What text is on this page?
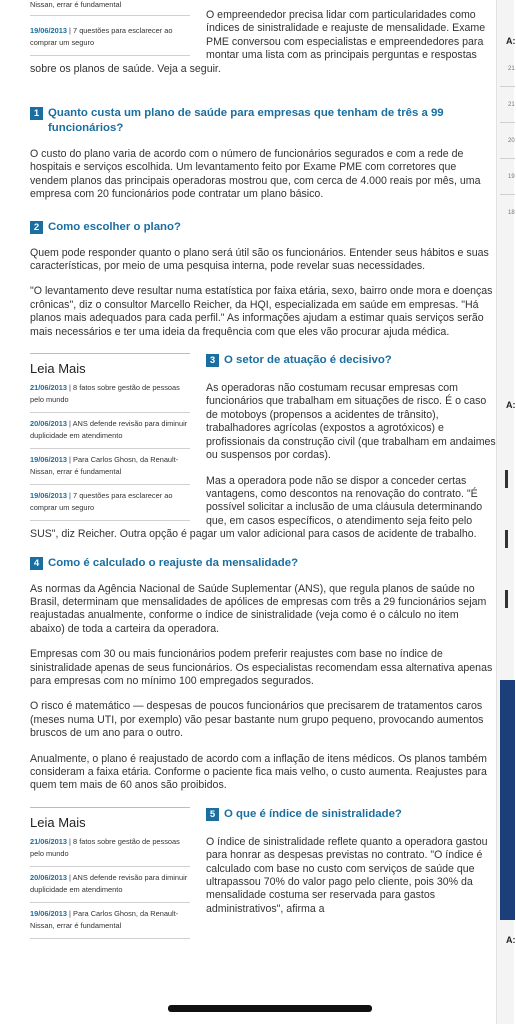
Nissan, errar é fundamental
19/06/2013 | 7 questões para esclarecer ao comprar um seguro

O empreendedor precisa lidar com particularidades como índices de sinistralidade e reajuste de mensalidade. Exame PME conversou com especialistas e empreendedores para montar uma lista com as principais perguntas e respostas sobre os planos de saúde. Veja a seguir.

1 Quanto custa um plano de saúde para empresas que tenham de três a 99 funcionários?

O custo do plano varia de acordo com o número de funcionários segurados e com a rede de hospitais e serviços escolhida. Um levantamento feito por Exame PME com corretores que vendem planos das principais operadoras mostrou que, com cerca de 4.000 reais por mês, uma empresa com 20 funcionários pode contratar um plano básico.

2 Como escolher o plano?

Quem pode responder quanto o plano será útil são os funcionários. Entender seus hábitos e suas características, por meio de uma pesquisa interna, pode revelar suas necessidades.

"O levantamento deve resultar numa estatística por faixa etária, sexo, bairro onde mora e doenças crônicas", diz o consultor Marcello Reicher, da HQI, especializada em saúde em empresas. "Há planos mais adequados para cada perfil." As informações ajudam a estimar quais serviços serão mais necessários e ter uma ideia da frequência com que eles vão procurar ajuda médica.

Leia Mais
21/06/2013 | 8 fatos sobre gestão de pessoas pelo mundo
20/06/2013 | ANS defende revisão para diminuir duplicidade em atendimento
19/06/2013 | Para Carlos Ghosn, da Renault-Nissan, errar é fundamental
19/06/2013 | 7 questões para esclarecer ao comprar um seguro
3 O setor de atuação é decisivo?

As operadoras não costumam recusar empresas com funcionários que trabalham em situações de risco. É o caso de motoboys (propensos a acidentes de trânsito), trabalhadores agrícolas (expostos a agrotóxicos) e profissionais da construção civil (que trabalham em andaimes ou suspensos por cordas).

Mas a operadora pode não se dispor a conceder certas vantagens, como descontos na renovação do contrato. "É possível solicitar a inclusão de uma cláusula determinando que, em casos específicos, o atendimento seja feito pelo SUS", diz Reicher. Outra opção é pagar um valor adicional para casos de acidente de trabalho.

4 Como é calculado o reajuste da mensalidade?

As normas da Agência Nacional de Saúde Suplementar (ANS), que regula planos de saúde no Brasil, determinam que mensalidades de apólices de empresas com três a 29 funcionários sejam reajustadas anualmente, conforme o índice de sinistralidade (veja como é o cálculo no item abaixo) de toda a carteira da operadora.

Empresas com 30 ou mais funcionários podem preferir reajustes com base no índice de sinistralidade apenas de seus funcionários. Os especialistas recomendam essa alternativa apenas para empresas com no mínimo 100 empregados segurados.

O risco é matemático — despesas de poucos funcionários que precisarem de tratamentos caros (meses numa UTI, por exemplo) vão pesar bastante num grupo pequeno, provocando aumentos bruscos de um ano para o outro.

Anualmente, o plano é reajustado de acordo com a inflação de itens médicos. Os planos também consideram a faixa etária. Conforme o paciente fica mais velho, o custo aumenta. Reajustes para quem tem mais de 60 anos são proibidos.

Leia Mais
21/06/2013 | 8 fatos sobre gestão de pessoas pelo mundo
20/06/2013 | ANS defende revisão para diminuir duplicidade em atendimento
19/06/2013 | Para Carlos Ghosn, da Renault-Nissan, errar é fundamental
5 O que é índice de sinistralidade?

O índice de sinistralidade reflete quanto a operadora gastou para honrar as despesas previstas no contrato. "O índice é calculado com base no custo com serviços de saúde que ultrapassou 70% do valor pago pelo cliente, pois 30% da mensalidade costuma ser reservada para gastos administrativos", afirma a

A:
21
21
20
19
18
A:
A:
